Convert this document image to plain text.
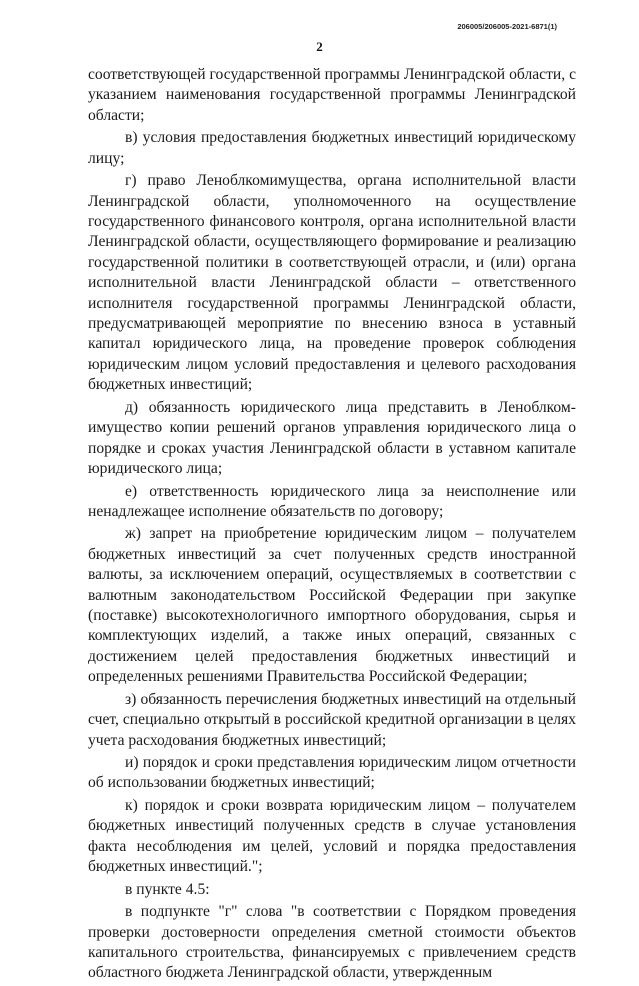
206005/206005-2021-6871(1)
2

соответствующей государственной программы Ленинградской области, с указанием наименования государственной программы Ленинградской области;

в) условия предоставления бюджетных инвестиций юридическому лицу;

г) право Леноблкомимущества, органа исполнительной власти Ленинградской области, уполномоченного на осуществление государственного финансового контроля, органа исполнительной власти Ленинградской области, осуществляющего формирование и реализацию государственной политики в соответствующей отрасли, и (или) органа исполнительной власти Ленинградской области – ответственного исполнителя государственной программы Ленинградской области, предусматривающей мероприятие по внесению взноса в уставный капитал юридического лица, на проведение проверок соблюдения юридическим лицом условий предоставления и целевого расходования бюджетных инвестиций;

д) обязанность юридического лица представить в Леноблком-имущество копии решений органов управления юридического лица о порядке и сроках участия Ленинградской области в уставном капитале юридического лица;

е) ответственность юридического лица за неисполнение или ненадлежащее исполнение обязательств по договору;

ж) запрет на приобретение юридическим лицом – получателем бюджетных инвестиций за счет полученных средств иностранной валюты, за исключением операций, осуществляемых в соответствии с валютным законодательством Российской Федерации при закупке (поставке) высокотехнологичного импортного оборудования, сырья и комплектующих изделий, а также иных операций, связанных с достижением целей предоставления бюджетных инвестиций и определенных решениями Правительства Российской Федерации;

з) обязанность перечисления бюджетных инвестиций на отдельный счет, специально открытый в российской кредитной организации в целях учета расходования бюджетных инвестиций;

и) порядок и сроки представления юридическим лицом отчетности об использовании бюджетных инвестиций;

к) порядок и сроки возврата юридическим лицом – получателем бюджетных инвестиций полученных средств в случае установления факта несоблюдения им целей, условий и порядка предоставления бюджетных инвестиций.";

в пункте 4.5:

в подпункте "г" слова "в соответствии с Порядком проведения проверки достоверности определения сметной стоимости объектов капитального строительства, финансируемых с привлечением средств областного бюджета Ленинградской области, утвержденным
